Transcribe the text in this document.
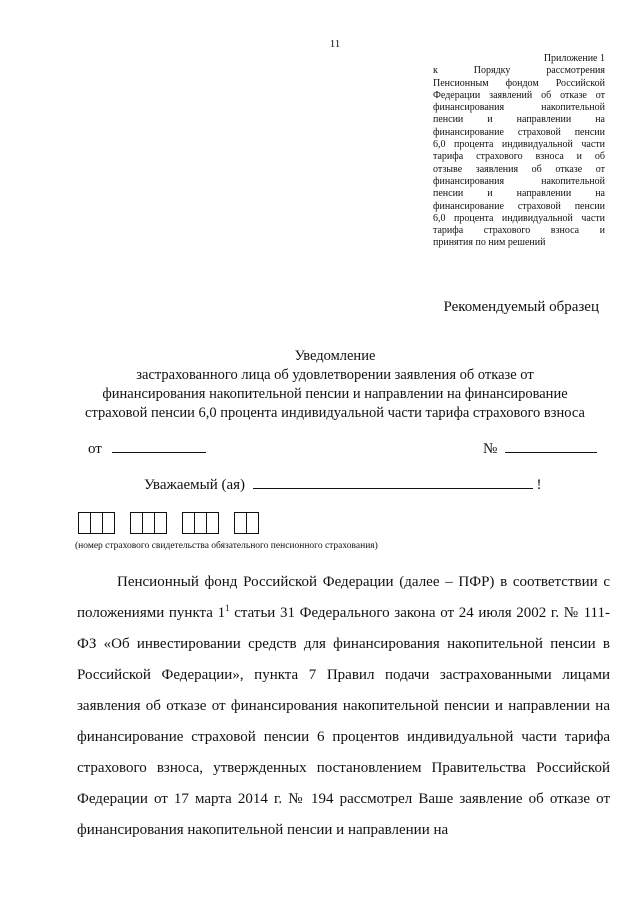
11
Приложение 1
к Порядку рассмотрения
Пенсионным фондом Российской
Федерации заявлений об отказе от
финансирования накопительной
пенсии и направлении на
финансирование страховой пенсии
6,0 процента индивидуальной части
тарифа страхового взноса и об
отзыве заявления об отказе от
финансирования накопительной
пенсии и направлении на
финансирование страховой пенсии
6,0 процента индивидуальной части
тарифа страхового взноса и
принятия по ним решений
Рекомендуемый образец
Уведомление
застрахованного лица об удовлетворении заявления об отказе от
финансирования накопительной пенсии и направлении на финансирование
страховой пенсии 6,0 процента индивидуальной части тарифа страхового взноса
от	№
Уважаемый (ая)	!
(номер страхового свидетельства обязательного пенсионного страхования)
Пенсионный фонд Российской Федерации (далее – ПФР) в соответствии с положениями пункта $1^1$ статьи 31 Федерального закона от 24 июля 2002 г. № 111-ФЗ «Об инвестировании средств для финансирования накопительной пенсии в Российской Федерации», пункта 7 Правил подачи застрахованными лицами заявления об отказе от финансирования накопительной пенсии и направлении на финансирование страховой пенсии 6 процентов индивидуальной части тарифа страхового взноса, утвержденных постановлением Правительства Российской Федерации от 17 марта 2014 г. № 194 рассмотрел Ваше заявление об отказе от финансирования накопительной пенсии и направлении на
